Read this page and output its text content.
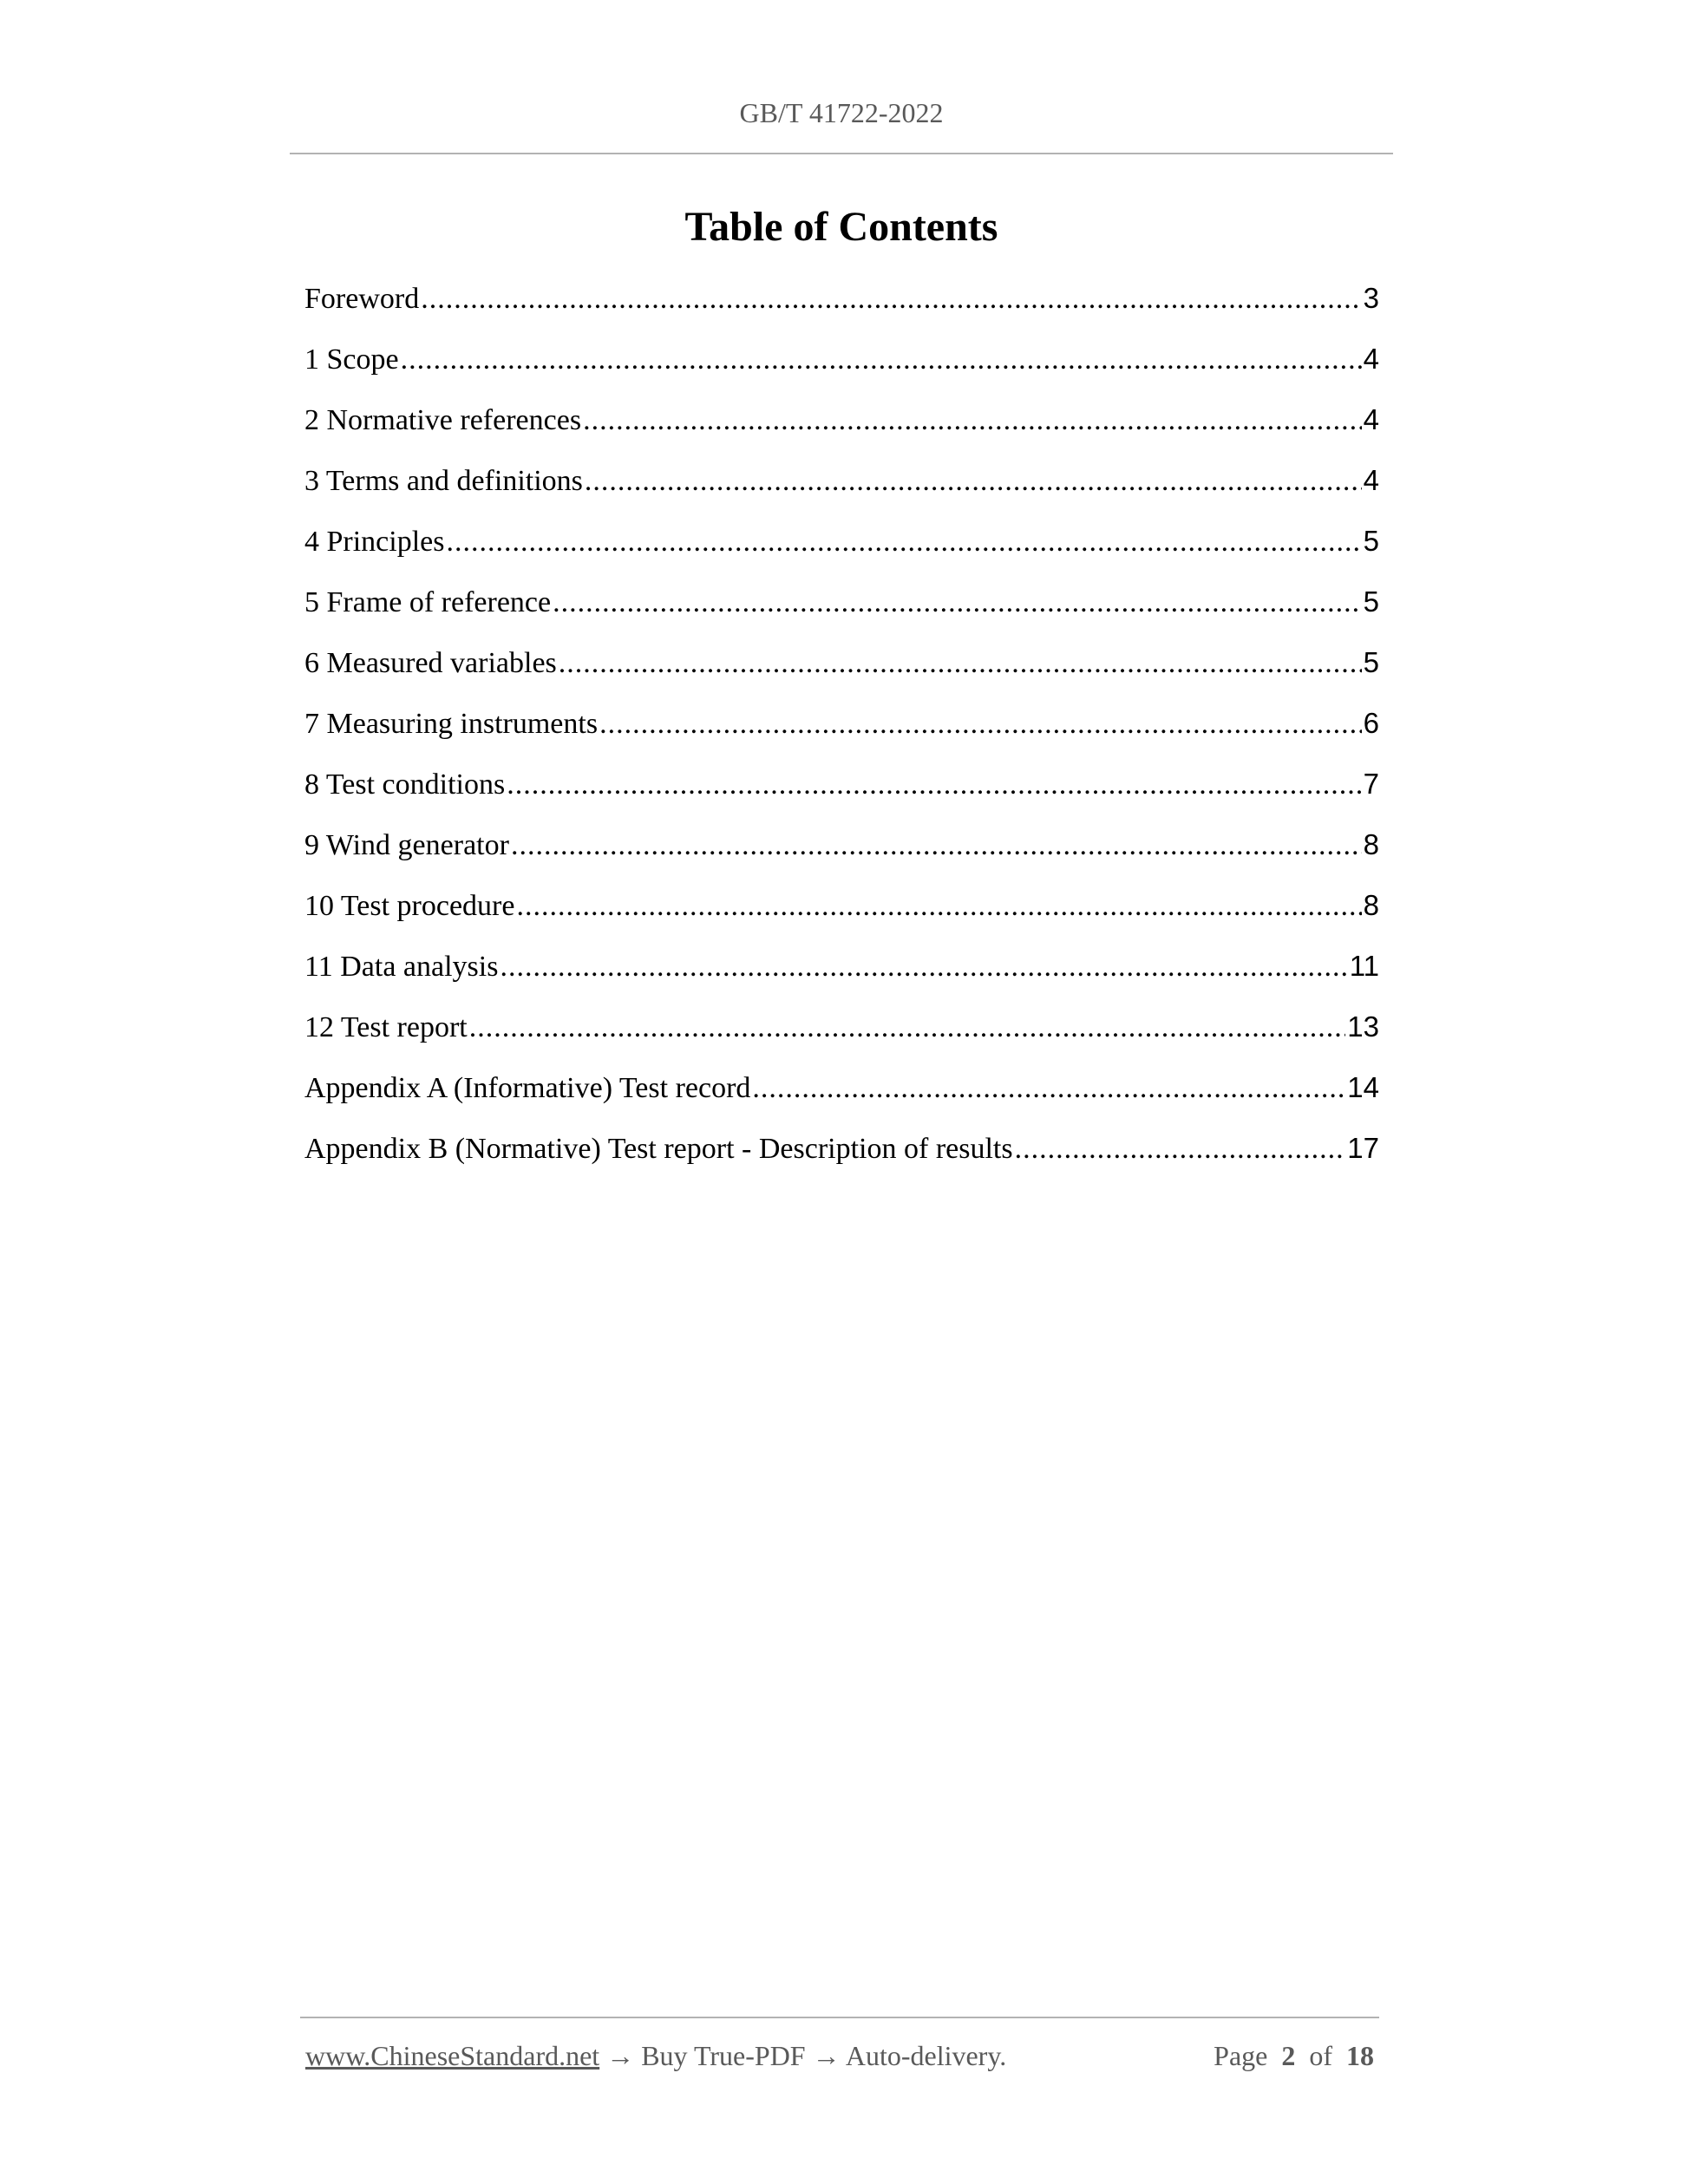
GB/T 41722-2022
Table of Contents
Foreword .....	3
1 Scope .....	4
2 Normative references .....	4
3 Terms and definitions .....	4
4 Principles .....	5
5 Frame of reference .....	5
6 Measured variables .....	5
7 Measuring instruments .....	6
8 Test conditions .....	7
9 Wind generator .....	8
10 Test procedure .....	8
11 Data analysis .....	11
12 Test report .....	13
Appendix A (Informative) Test record .....	14
Appendix B (Normative) Test report - Description of results .....	17
www.ChineseStandard.net → Buy True-PDF → Auto-delivery.	Page 2 of 18
